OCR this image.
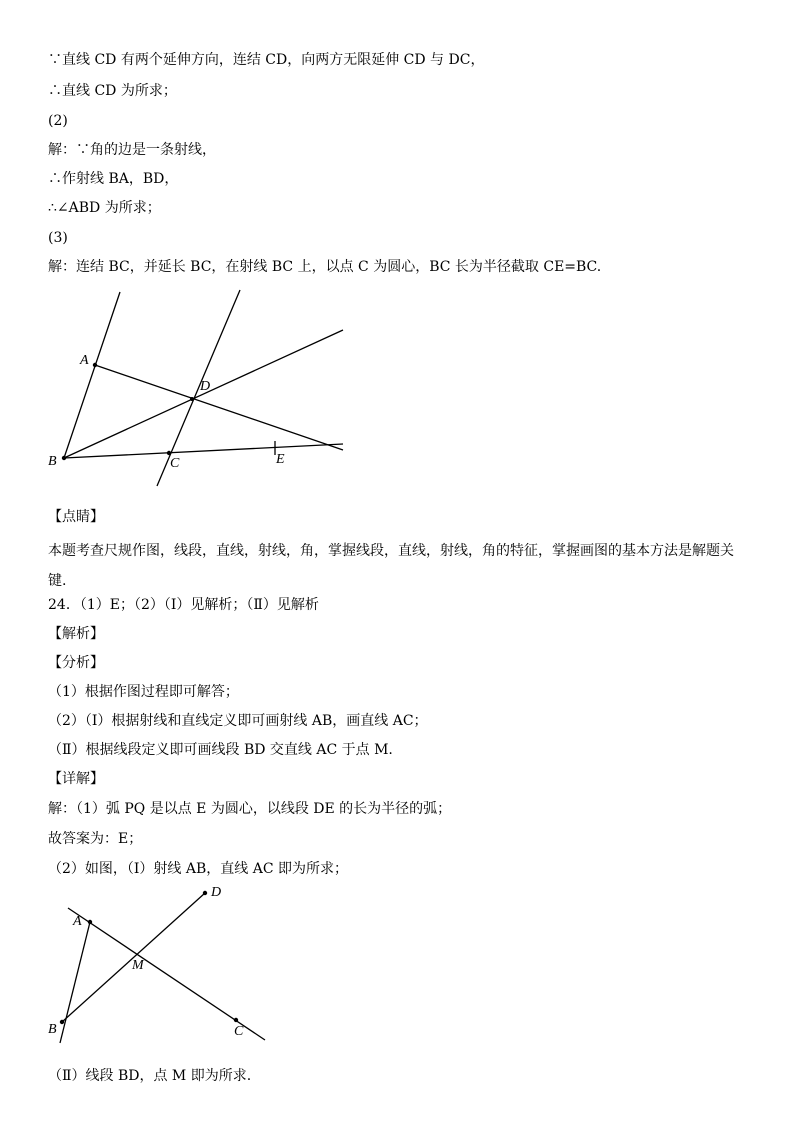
∵直线 CD 有两个延伸方向，连结 CD，向两方无限延伸 CD 与 DC，
∴直线 CD 为所求；
(2)
解：∵角的边是一条射线，
∴作射线 BA，BD，
∴∠ABD 为所求；
(3)
解：连结 BC，并延长 BC，在射线 BC 上，以点 C 为圆心，BC 长为半径截取 CE=BC.
A
D
B	C	E
【点睛】
本题考查尺规作图，线段，直线，射线，角，掌握线段，直线，射线，角的特征，掌握画图的基本方法是解题关键.
24．（1）E；（2）（Ⅰ）见解析；（Ⅱ）见解析
【解析】
【分析】
（1）根据作图过程即可解答；
（2）（Ⅰ）根据射线和直线定义即可画射线 AB，画直线 AC；
（Ⅱ）根据线段定义即可画线段 BD 交直线 AC 于点 M.
【详解】
解：（1）弧 PQ 是以点 E 为圆心，以线段 DE 的长为半径的弧；
故答案为：E；
（2）如图，（Ⅰ）射线 AB，直线 AC 即为所求；
D
A
M
B	C
（Ⅱ）线段 BD，点 M 即为所求.
